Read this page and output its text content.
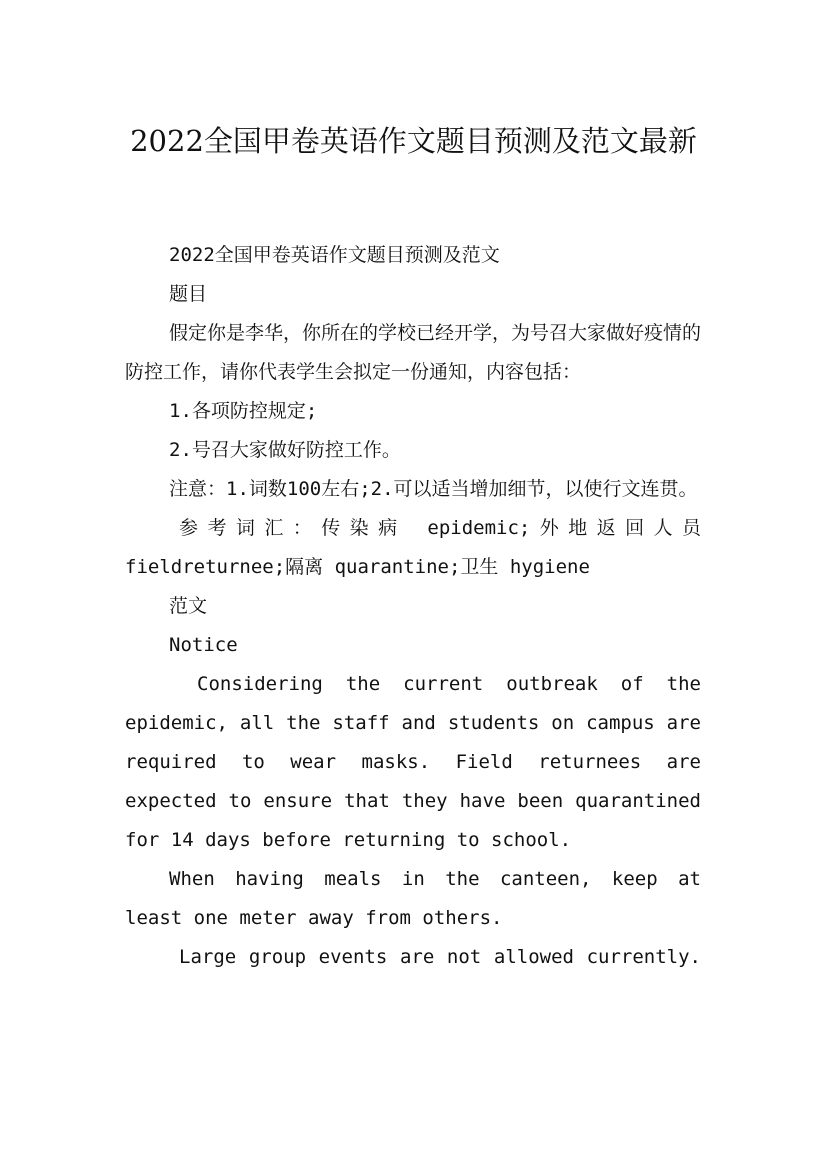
2022全国甲卷英语作文题目预测及范文最新

2022全国甲卷英语作文题目预测及范文

题目

假定你是李华，你所在的学校已经开学，为号召大家做好疫情的防控工作，请你代表学生会拟定一份通知，内容包括：

1.各项防控规定;

2.号召大家做好防控工作。

注意：1.词数100左右;2.可以适当增加细节，以使行文连贯。

参考词汇：传染病 epidemic;外地返回人员 fieldreturnee;隔离 quarantine;卫生 hygiene

范文

Notice

Considering the current outbreak of the epidemic, all the staff and students on campus are required to wear masks. Field returnees are expected to ensure that they have been quarantined for 14 days before returning to school.

When having meals in the canteen, keep at least one meter away from others.

Large group events are not allowed currently.
